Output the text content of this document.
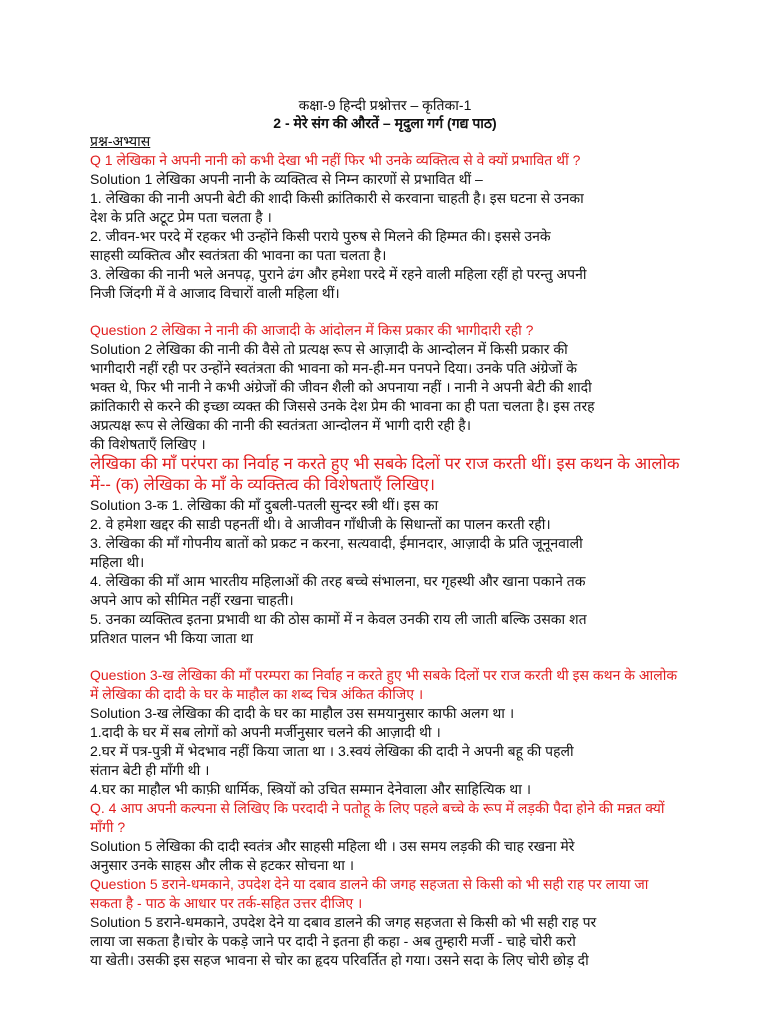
कक्षा-9 हिन्दी प्रश्नोत्तर – कृतिका-1
2 - मेरे संग की औरतें – मृदुला गर्ग (गद्य पाठ)

प्रश्न-अभ्यास

Q 1 लेखिका ने अपनी नानी को कभी देखा भी नहीं फिर भी उनके व्यक्तित्व से वे क्यों प्रभावित थीं ?

Solution 1 लेखिका अपनी नानी के व्यक्तित्व से निम्न कारणों से प्रभावित थीं –

1. लेखिका की नानी अपनी बेटी की शादी किसी क्रांतिकारी से करवाना चाहती है। इस घटना से उनका

देश के प्रति अटूट प्रेम पता चलता है ।

2. जीवन-भर परदे में रहकर भी उन्होंने किसी पराये पुरुष से मिलने की हिम्मत की। इससे उनके

साहसी व्यक्तित्व और स्वतंत्रता की भावना का पता चलता है।

3. लेखिका की नानी भले अनपढ़, पुराने ढंग और हमेशा परदे में रहने वाली महिला रहीं हो परन्तु अपनी

निजी जिंदगी में वे आजाद विचारों वाली महिला थीं।

Question 2 लेखिका ने नानी की आजादी के आंदोलन में किस प्रकार की भागीदारी रही ?

Solution 2 लेखिका की नानी की वैसे तो प्रत्यक्ष रूप से आज़ादी के आन्दोलन में किसी प्रकार की

भागीदारी नहीं रही पर उन्होंने स्वतंत्रता की भावना को मन-ही-मन पनपने दिया। उनके पति अंग्रेजों के

भक्त थे, फिर भी नानी ने कभी अंग्रेजों की जीवन शैली को अपनाया नहीं । नानी ने अपनी बेटी की शादी

क्रांतिकारी से करने की इच्छा व्यक्त की जिससे उनके देश प्रेम की भावना का ही पता चलता है। इस तरह

अप्रत्यक्ष रूप से लेखिका की नानी की स्वतंत्रता आन्दोलन में भागी दारी रही है।

की विशेषताएँ लिखिए ।

लेखिका की माँ परंपरा का निर्वाह न करते हुए भी सबके दिलों पर राज करती थीं। इस कथन के आलोक में-- (क) लेखिका के माँ के व्यक्तित्व की विशेषताएँ लिखिए।

Solution 3-क 1. लेखिका की माँ दुबली-पतली सुन्दर स्त्री थीं। इस का

2. वे हमेशा खद्दर की साडी पहनतीं थी। वे आजीवन गाँधीजी के सिधान्तों का पालन करती रही।

3. लेखिका की माँ गोपनीय बातों को प्रकट न करना, सत्यवादी, ईमानदार, आज़ादी के प्रति जूनूनवाली

महिला थी।

4. लेखिका की माँ आम भारतीय महिलाओं की तरह बच्चे संभालना, घर गृहस्थी और खाना पकाने तक

अपने आप को सीमित नहीं रखना चाहती।

5. उनका व्यक्तित्व इतना प्रभावी था की ठोस कामों में न केवल उनकी राय ली जाती बल्कि उसका शत

प्रतिशत पालन भी किया जाता था

Question 3-ख लेखिका की माँ परम्परा का निर्वाह न करते हुए भी सबके दिलों पर राज करती थी इस कथन के आलोक में लेखिका की दादी के घर के माहौल का शब्द चित्र अंकित कीजिए ।

Solution 3-ख लेखिका की दादी के घर का माहौल उस समयानुसार काफी अलग था ।

1.दादी के घर में सब लोगों को अपनी मर्जीनुसार चलने की आज़ादी थी ।

2.घर में पत्र-पुत्री में भेदभाव नहीं किया जाता था । 3.स्वयं लेखिका की दादी ने अपनी बहू की पहली

संतान बेटी ही माँगी थी ।

4.घर का माहौल भी काफ़ी धार्मिक, स्त्रियों को उचित सम्मान देनेवाला और साहित्यिक था ।

Q. 4 आप अपनी कल्पना से लिखिए कि परदादी ने पतोहू के लिए पहले बच्चे के रूप में लड़की पैदा होने की मन्नत क्यों माँगी ?

Solution 5 लेखिका की दादी स्वतंत्र और साहसी महिला थी । उस समय लड़की की चाह रखना मेरे

अनुसार उनके साहस और लीक से हटकर सोचना था ।

Question 5 डराने-धमकाने, उपदेश देने या दबाव डालने की जगह सहजता से किसी को भी सही राह पर लाया जा सकता है - पाठ के आधार पर तर्क-सहित उत्तर दीजिए ।

Solution 5 डराने-धमकाने, उपदेश देने या दबाव डालने की जगह सहजता से किसी को भी सही राह पर

लाया जा सकता है।चोर के पकड़े जाने पर दादी ने इतना ही कहा - अब तुम्हारी मर्जी - चाहे चोरी करो

या खेती। उसकी इस सहज भावना से चोर का हृदय परिवर्तित हो गया। उसने सदा के लिए चोरी छोड़ दी
